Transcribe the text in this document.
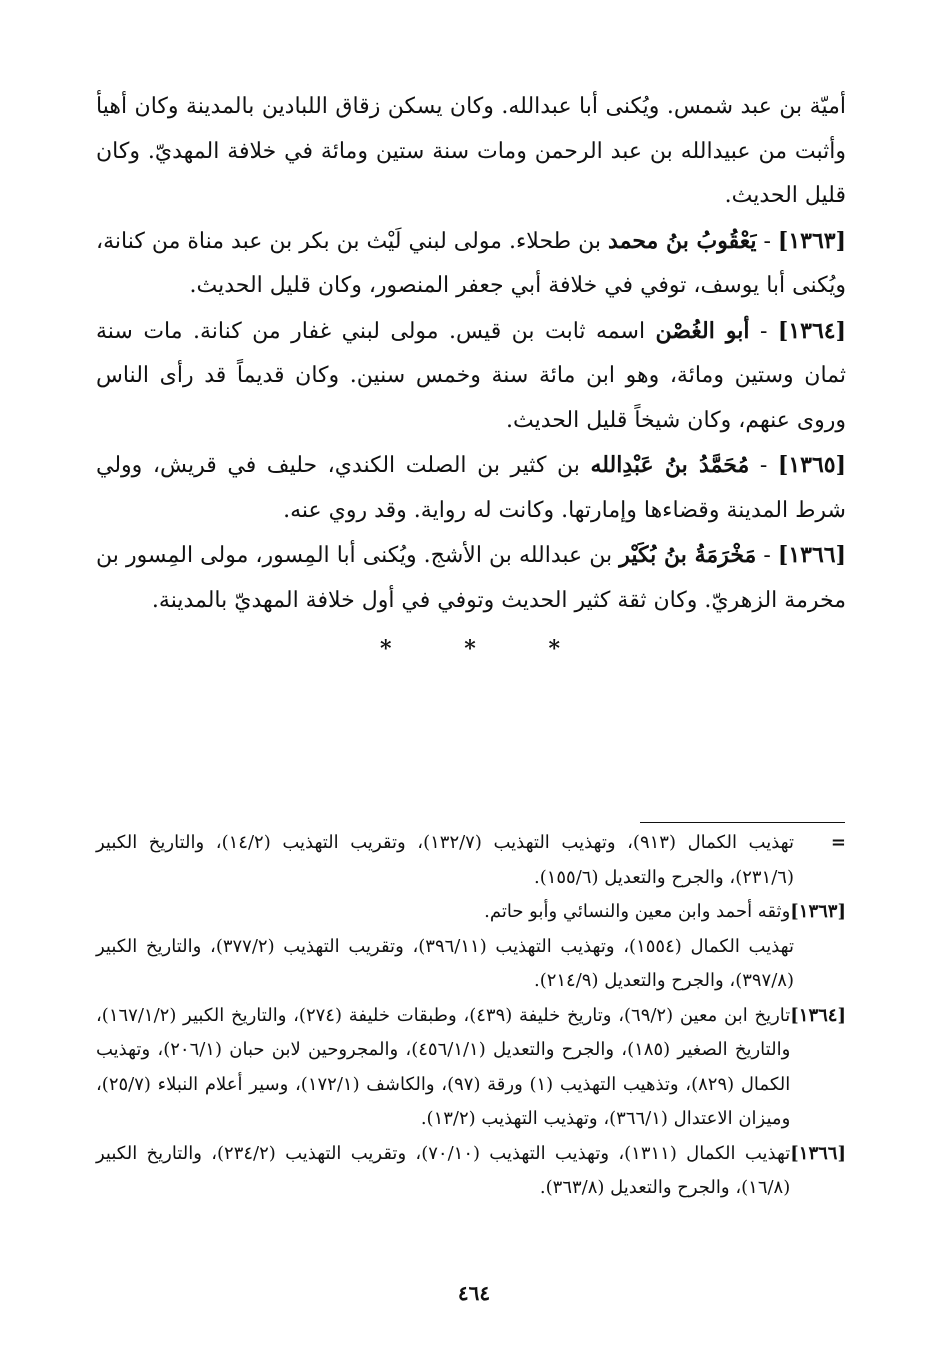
أميّة بن عبد شمس. ويُكنى أبا عبدالله. وكان يسكن زقاق اللبادين بالمدينة وكان أهيأ وأثبت من عبيدالله بن عبد الرحمن ومات سنة ستين ومائة في خلافة المهديّ. وكان قليل الحديث.

[١٣٦٣] - يَعْقُوبُ بنُ محمد بن طحلاء. مولى لبني لَيْث بن بكر بن عبد مناة من كنانة، ويُكنى أبا يوسف، توفي في خلافة أبي جعفر المنصور، وكان قليل الحديث.

[١٣٦٤] - أبو الغُصْن اسمه ثابت بن قيس. مولى لبني غفار من كنانة. مات سنة ثمان وستين ومائة، وهو ابن مائة سنة وخمس سنين. وكان قديماً قد رأى الناس وروى عنهم، وكان شيخاً قليل الحديث.

[١٣٦٥] - مُحَمَّدُ بنُ عَبْدِالله بن كثير بن الصلت الكندي، حليف في قريش، وولي شرط المدينة وقضاءها وإمارتها. وكانت له رواية. وقد روي عنه.

[١٣٦٦] - مَخْرَمَةُ بنُ بُكَيْر بن عبدالله بن الأشج. ويُكنى أبا المِسور، مولى المِسور بن مخرمة الزهريّ. وكان ثقة كثير الحديث وتوفي في أول خلافة المهديّ بالمدينة.

*	*	*
=
تهذيب الكمال (٩١٣)، وتهذيب التهذيب (١٣٢/٧)، وتقريب التهذيب (١٤/٢)، والتاريخ الكبير (٢٣١/٦)، والجرح والتعديل (١٥٥/٦).
[١٣٦٣]
وثقه أحمد وابن معين والنسائي وأبو حاتم.
تهذيب الكمال (١٥٥٤)، وتهذيب التهذيب (٣٩٦/١١)، وتقريب التهذيب (٣٧٧/٢)، والتاريخ الكبير (٣٩٧/٨)، والجرح والتعديل (٢١٤/٩).
[١٣٦٤]
تاريخ ابن معين (٦٩/٢)، وتاريخ خليفة (٤٣٩)، وطبقات خليفة (٢٧٤)، والتاريخ الكبير (١٦٧/١/٢)، والتاريخ الصغير (١٨٥)، والجرح والتعديل (٤٥٦/١/١)، والمجروحين لابن حبان (٢٠٦/١)، وتهذيب الكمال (٨٢٩)، وتذهيب التهذيب (١) ورقة (٩٧)، والكاشف (١٧٢/١)، وسير أعلام النبلاء (٢٥/٧)، وميزان الاعتدال (٣٦٦/١)، وتهذيب التهذيب (١٣/٢).
[١٣٦٦]
تهذيب الكمال (١٣١١)، وتهذيب التهذيب (٧٠/١٠)، وتقريب التهذيب (٢٣٤/٢)، والتاريخ الكبير (١٦/٨)، والجرح والتعديل (٣٦٣/٨).
٤٦٤
